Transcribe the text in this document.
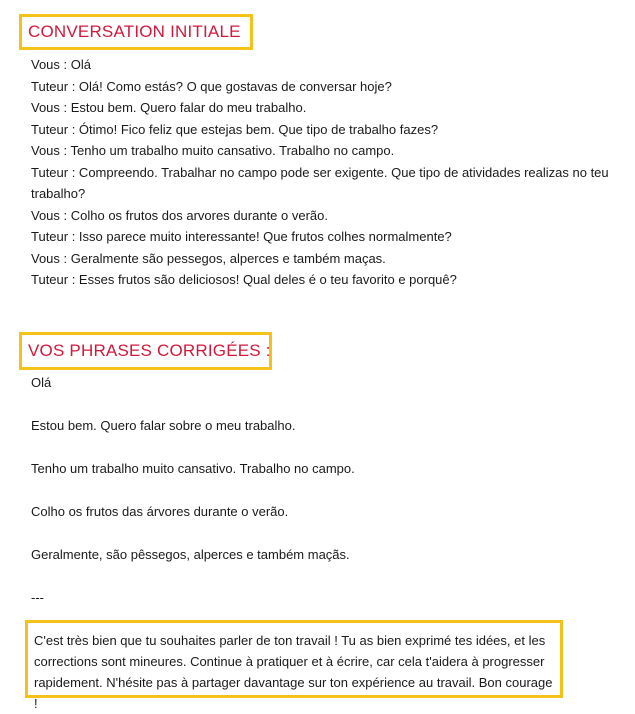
CONVERSATION INITIALE
Vous : Olá
Tuteur : Olá! Como estás? O que gostavas de conversar hoje?
Vous : Estou bem. Quero falar do meu trabalho.
Tuteur : Ótimo! Fico feliz que estejas bem. Que tipo de trabalho fazes?
Vous : Tenho um trabalho muito cansativo. Trabalho no campo.
Tuteur : Compreendo. Trabalhar no campo pode ser exigente. Que tipo de atividades realizas no teu trabalho?
Vous : Colho os frutos dos arvores durante o verão.
Tuteur : Isso parece muito interessante! Que frutos colhes normalmente?
Vous : Geralmente são pessegos, alperces e também maças.
Tuteur : Esses frutos são deliciosos! Qual deles é o teu favorito e porquê?
VOS PHRASES CORRIGÉES :
Olá
Estou bem. Quero falar sobre o meu trabalho.
Tenho um trabalho muito cansativo. Trabalho no campo.
Colho os frutos das árvores durante o verão.
Geralmente, são pêssegos, alperces e também maçãs.
---
C'est très bien que tu souhaites parler de ton travail ! Tu as bien exprimé tes idées, et les corrections sont mineures. Continue à pratiquer et à écrire, car cela t'aidera à progresser rapidement. N'hésite pas à partager davantage sur ton expérience au travail. Bon courage !
